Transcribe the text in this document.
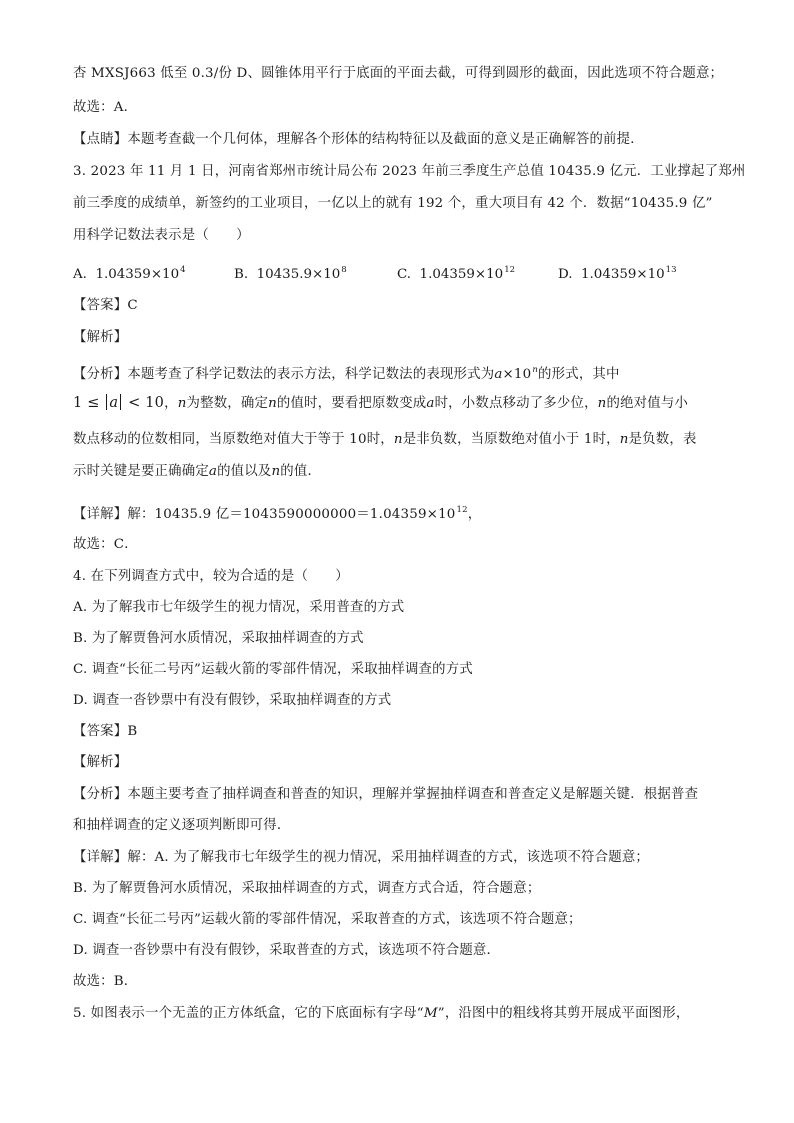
杏 MXSJ663 低至 0.3/份 D、圆锥体用平行于底面的平面去截，可得到圆形的截面，因此选项不符合题意；
故选：A．
【点睛】本题考查截一个几何体，理解各个形体的结构特征以及截面的意义是正确解答的前提．
3. 2023 年 11 月 1 日，河南省郑州市统计局公布 2023 年前三季度生产总值 10435.9 亿元．工业撑起了郑州
前三季度的成绩单，新签约的工业项目，一亿以上的就有 192 个，重大项目有 42 个．数据“10435.9 亿”
用科学记数法表示是（　　）
A. $1.04359\times 10^4$	B. $10435.9\times 10^8$	C. $1.04359\times 10^{12}$	D. $1.04359\times 10^{13}$
【答案】C
【解析】
【分析】本题考查了科学记数法的表示方法，科学记数法的表现形式为$a\times 10^n$的形式，其中
1 ≤ a < 10，n为整数，确定n的值时，要看把原数变成a时，小数点移动了多少位，n的绝对值与小
数点移动的位数相同，当原数绝对值大于等于 10时，n是非负数，当原数绝对值小于 1时，n是负数，表
示时关键是要正确确定a的值以及n的值．
【详解】解：10435.9 亿$=1043590000000=1.04359\times 10^{12}$，
故选：C．
4. 在下列调查方式中，较为合适的是（　　）
A. 为了解我市七年级学生的视力情况，采用普查的方式
B. 为了解贾鲁河水质情况，采取抽样调查的方式
C. 调查“长征二号丙”运载火箭的零部件情况，采取抽样调查的方式
D. 调查一沓钞票中有没有假钞，采取抽样调查的方式
【答案】B
【解析】
【分析】本题主要考查了抽样调查和普查的知识，理解并掌握抽样调查和普查定义是解题关键．根据普查
和抽样调查的定义逐项判断即可得．
【详解】解：A. 为了解我市七年级学生的视力情况，采用抽样调查的方式，该选项不符合题意；
B. 为了解贾鲁河水质情况，采取抽样调查的方式，调查方式合适，符合题意；
C. 调查“长征二号丙”运载火箭的零部件情况，采取普查的方式，该选项不符合题意；
D. 调查一沓钞票中有没有假钞，采取普查的方式，该选项不符合题意．
故选：B．
5. 如图表示一个无盖的正方体纸盒，它的下底面标有字母“M”，沿图中的粗线将其剪开展成平面图形，
